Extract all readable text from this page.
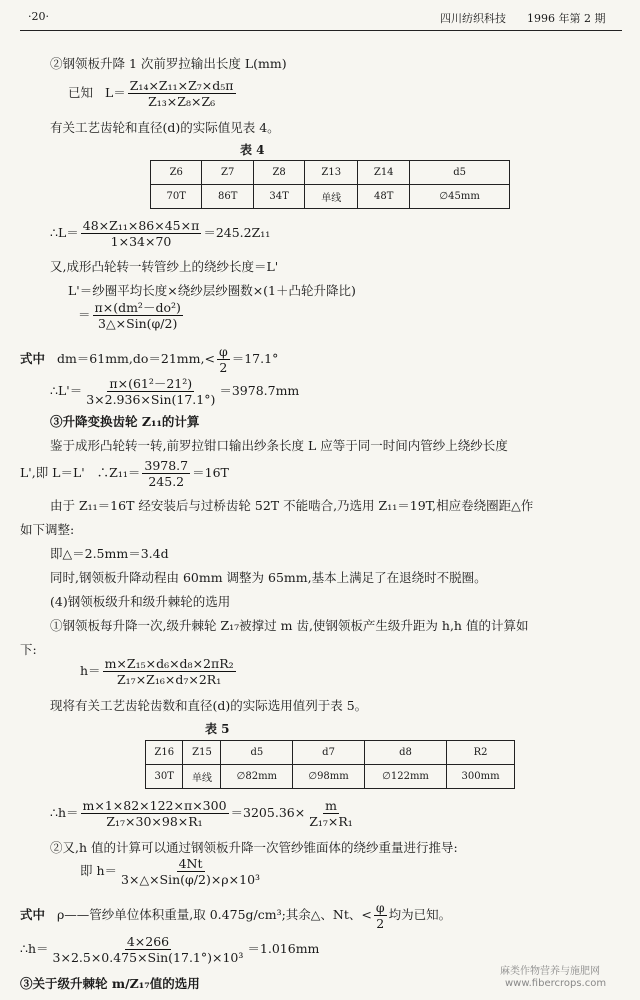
·20·	四川纺织科技 1996 年第 2 期
②钢领板升降 1 次前罗拉输出长度 L(mm)
已知 $L= \frac{\text{Z₁₄×Z₁₁×Z₇×d₅π}}{\text{Z₁₃×Z₈×Z₆}}$
有关工艺齿轮和直径(d)的实际值见表 4。
表 4
Z6	Z7	Z8	Z13	Z14	d5
70T	86T	34T	单线	48T	∅45mm
∴L＝ $\frac{\text{48×Z₁₁×86×45×π}}{1\times 34\times 70} =245.2Z_{11}$
又,成形凸轮转一转管纱上的绕纱长度＝L'
L'＝纱圈平均长度×绕纱层纱圈数×(1＋凸轮升降比)
＝ $\frac{\text{π×(dm²－do²)}}{\text{3△×Sin(φ/2)}}$
式中 $dm=61mm,do=21mm,< \frac{\varphi}{2} =17.1^\circ$
∴L'＝ $\frac{\text{π×(61²－21²)}}{\text{3×2.936×Sin(17.1°)}} =3978.7mm$
③升降变换齿轮 Z₁₁的计算
鉴于成形凸轮转一转,前罗拉钳口输出纱条长度 L 应等于同一时间内管纱上绕纱长度
L',即 L＝L' ∴Z₁₁＝ $\frac{3978.7}{245.2} =16T$
由于 Z₁₁＝16T 经安装后与过桥齿轮 52T 不能啮合,乃选用 Z₁₁＝19T,相应卷绕圈距△作
如下调整:
即△＝2.5mm＝3.4d
同时,钢领板升降动程由 60mm 调整为 65mm,基本上满足了在退绕时不脱圈。
(4)钢领板级升和级升棘轮的选用
①钢领板每升降一次,级升棘轮 Z₁₇被撑过 m 齿,使钢领板产生级升距为 h,h 值的计算如
下:
$h= \frac{\text{m×Z₁₅×d₆×d₈×2πR₂}}{\text{Z₁₇×Z₁₆×d₇×2R₁}}$
现将有关工艺齿轮齿数和直径(d)的实际选用值列于表 5。
表 5
Z16	Z15	d5	d7	d8	R2
30T	单线	∅82mm	∅98mm	∅122mm	300mm
∴h＝ $\frac{m\times 1\times 82\times 122\times\pi\times 300}{\text{Z₁₇×30×98×R₁}} =3205.36\times \frac{m}{\text{Z₁₇×R₁}}$
②又,h 值的计算可以通过钢领板升降一次管纱锥面体的绕纱重量进行推导:
即 $h= \frac{4Nt}{\text{3×△×Sin(φ/2)×ρ×10³}}$
式中 ρ——管纱单位体积重量,取 0.475g/cm³;其余△、Nt、< $\frac{\varphi}{2}$ 均为已知。
∴h＝ $\frac{4\times 266}{\text{3×2.5×0.475×Sin(17.1°)×10³}} =1.016mm$
③关于级升棘轮 m/Z₁₇值的选用
麻类作物营养与施肥网
www.fibercrops.com
